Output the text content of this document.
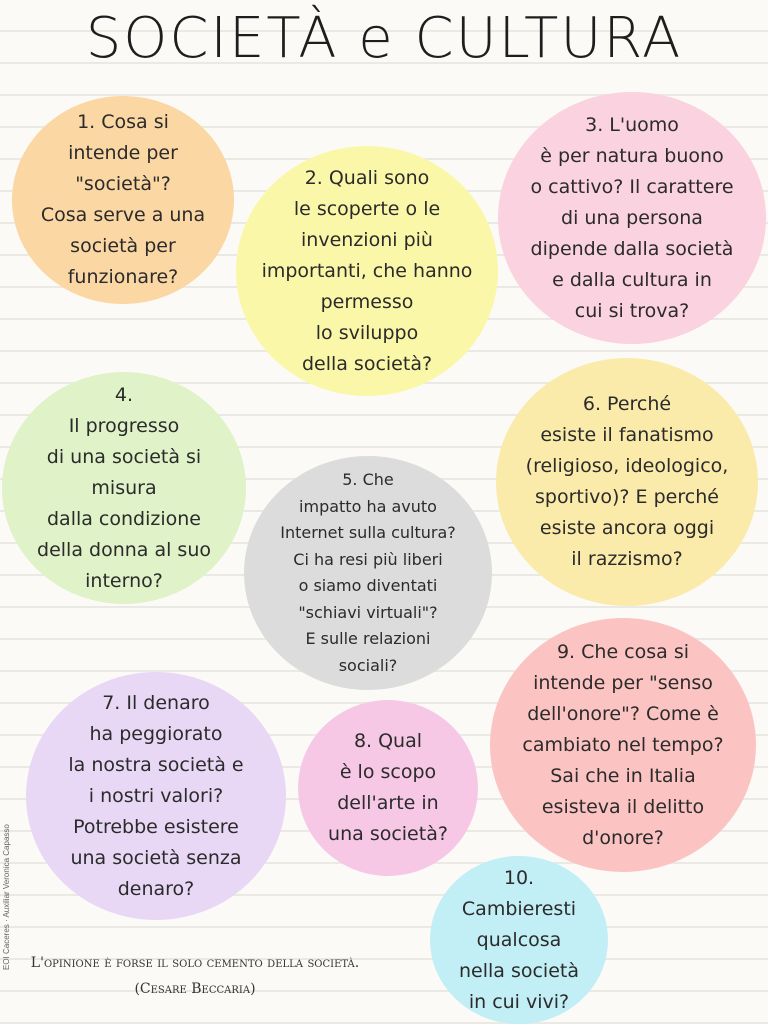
SOCIETÀ e CULTURA

1. Cosa si
intende per
"società"?
Cosa serve a una
società per
funzionare?

2. Quali sono
le scoperte o le
invenzioni più
importanti, che hanno
permesso
lo sviluppo
della società?

3. L'uomo
è per natura buono
o cattivo? Il carattere
di una persona
dipende dalla società
e dalla cultura in
cui si trova?

4.
Il progresso
di una società si
misura
dalla condizione
della donna al suo
interno?

5. Che
impatto ha avuto
Internet sulla cultura?
Ci ha resi più liberi
o siamo diventati
"schiavi virtuali"?
E sulle relazioni
sociali?

6. Perché
esiste il fanatismo
(religioso, ideologico,
sportivo)? E perché
esiste ancora oggi
il razzismo?

7. Il denaro
ha peggiorato
la nostra società e
i nostri valori?
Potrebbe esistere
una società senza
denaro?

8. Qual
è lo scopo
dell'arte in
una società?

9. Che cosa si
intende per "senso
dell'onore"? Come è
cambiato nel tempo?
Sai che in Italia
esisteva il delitto
d'onore?

10.
Cambieresti
qualcosa
nella società
in cui vivi?

L'opinione è forse il solo cemento della società.
(Cesare Beccaria)
EOI Caceres · Auxiliar Veronica Capasso
